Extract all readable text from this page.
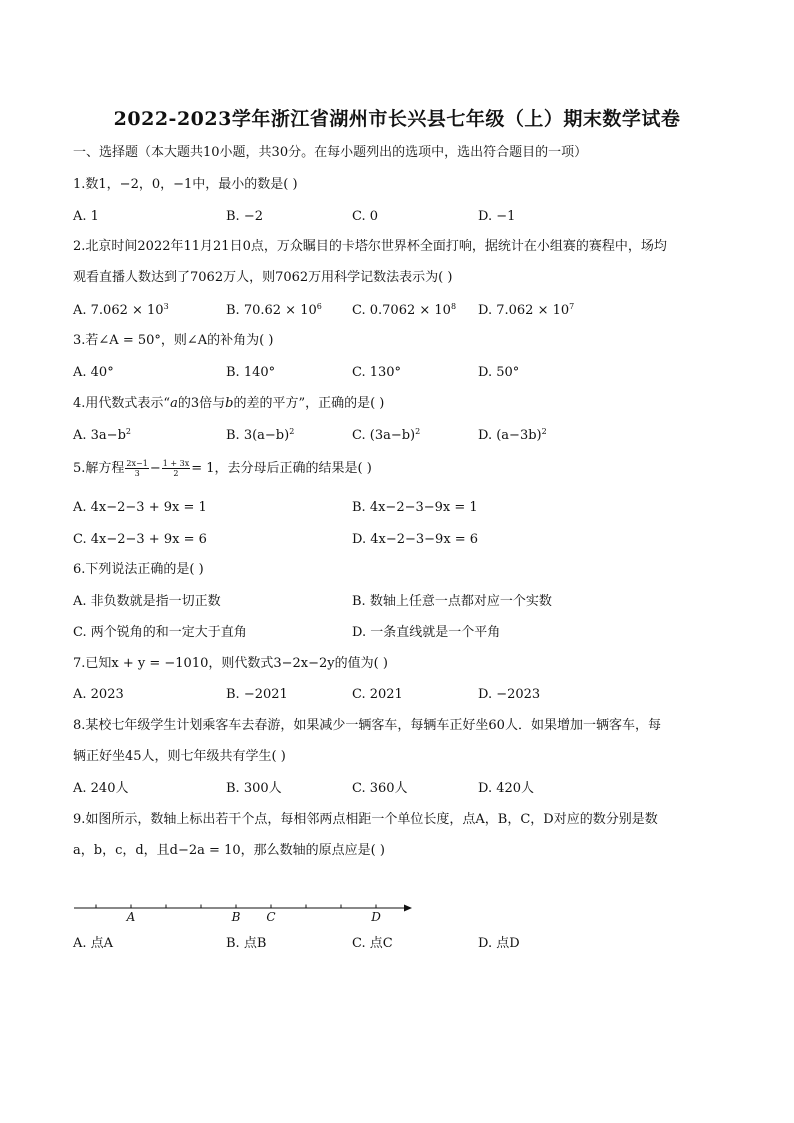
2022-2023学年浙江省湖州市长兴县七年级（上）期末数学试卷
一、选择题（本大题共10小题，共30分。在每小题列出的选项中，选出符合题目的一项）
1.数1，−2，0，−1中，最小的数是( )
A. 1	B. −2	C. 0	D. −1
2.北京时间2022年11月21日0点，万众瞩目的卡塔尔世界杯全面打响，据统计在小组赛的赛程中，场均
观看直播人数达到了7062万人，则7062万用科学记数法表示为( )
A. $7.062 \times 10^3$	B. $70.62 \times 10^6$ C. $0.7062 \times 10^8$ D. $7.062 \times 10^7$
3.若∠A = 50°，则∠A的补角为( )
A. 40°	B. 140°	C. 130°	D. 50°
4.用代数式表示“a的3倍与b的差的平方”，正确的是( )
A. $3a-b^2$	B. $3(a-b)^2$	C. $(3a-b)^2$	D. $(a-3b)^2$
5.解方程 $\frac{2x-1}{3} - \frac{1 + 3x}{2} = 1$，去分母后正确的结果是( )
A. 4x−2−3 + 9x = 1	B. 4x−2−3−9x = 1
C. 4x−2−3 + 9x = 6	D. 4x−2−3−9x = 6
6.下列说法正确的是( )
A. 非负数就是指一切正数	B. 数轴上任意一点都对应一个实数
C. 两个锐角的和一定大于直角	D. 一条直线就是一个平角
7.已知x + y = −1010，则代数式3−2x−2y的值为( )
A. 2023	B. −2021	C. 2021	D. −2023
8.某校七年级学生计划乘客车去春游，如果减少一辆客车，每辆车正好坐60人．如果增加一辆客车，每
辆正好坐45人，则七年级共有学生( )
A. 240人	B. 300人	C. 360人	D. 420人
9.如图所示，数轴上标出若干个点，每相邻两点相距一个单位长度，点A，B，C，D对应的数分别是数
a，b，c，d，且d−2a = 10，那么数轴的原点应是( )
A	B C	D
A. 点A	B. 点B	C. 点C	D. 点D
